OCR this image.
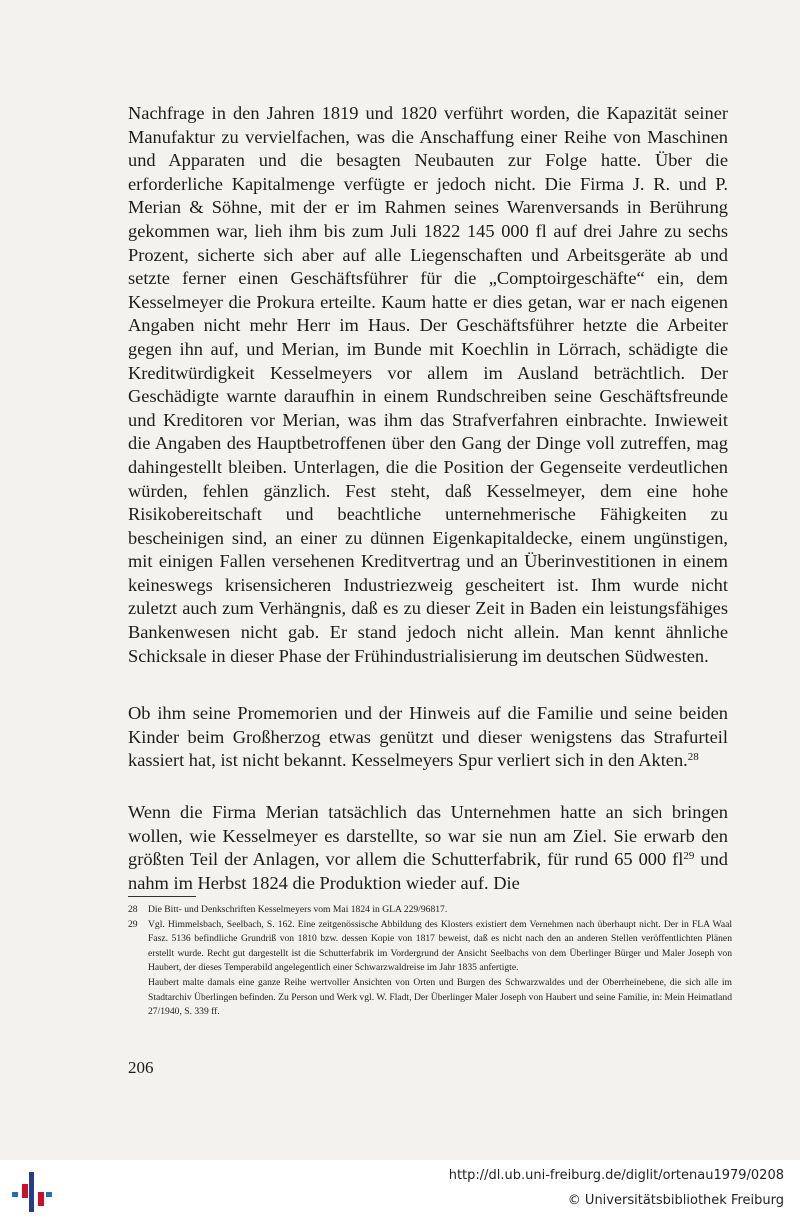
Nachfrage in den Jahren 1819 und 1820 verführt worden, die Kapazität seiner Manufaktur zu vervielfachen, was die Anschaffung einer Reihe von Maschinen und Apparaten und die besagten Neubauten zur Folge hatte. Über die erforderliche Kapitalmenge verfügte er jedoch nicht. Die Firma J. R. und P. Merian & Söhne, mit der er im Rahmen seines Warenversands in Berührung gekommen war, lieh ihm bis zum Juli 1822 145 000 fl auf drei Jahre zu sechs Prozent, sicherte sich aber auf alle Liegenschaften und Arbeitsgeräte ab und setzte ferner einen Geschäftsführer für die „Comptoirgeschäfte“ ein, dem Kesselmeyer die Prokura erteilte. Kaum hatte er dies getan, war er nach eigenen Angaben nicht mehr Herr im Haus. Der Geschäftsführer hetzte die Arbeiter gegen ihn auf, und Merian, im Bunde mit Koechlin in Lörrach, schädigte die Kreditwürdigkeit Kesselmeyers vor allem im Ausland beträchtlich. Der Geschädigte warnte daraufhin in einem Rundschreiben seine Geschäftsfreunde und Kreditoren vor Merian, was ihm das Strafverfahren einbrachte. Inwieweit die Angaben des Hauptbetroffenen über den Gang der Dinge voll zutreffen, mag dahingestellt bleiben. Unterlagen, die die Position der Gegenseite verdeutlichen würden, fehlen gänzlich. Fest steht, daß Kesselmeyer, dem eine hohe Risikobereitschaft und beachtliche unternehmerische Fähigkeiten zu bescheinigen sind, an einer zu dünnen Eigenkapitaldecke, einem ungünstigen, mit einigen Fallen versehenen Kreditvertrag und an Überinvestitionen in einem keineswegs krisensicheren Industriezweig gescheitert ist. Ihm wurde nicht zuletzt auch zum Verhängnis, daß es zu dieser Zeit in Baden ein leistungsfähiges Bankenwesen nicht gab. Er stand jedoch nicht allein. Man kennt ähnliche Schicksale in dieser Phase der Frühindustrialisierung im deutschen Südwesten.

Ob ihm seine Promemorien und der Hinweis auf die Familie und seine beiden Kinder beim Großherzog etwas genützt und dieser wenigstens das Strafurteil kassiert hat, ist nicht bekannt. Kesselmeyers Spur verliert sich in den Akten.$^{28}$

Wenn die Firma Merian tatsächlich das Unternehmen hatte an sich bringen wollen, wie Kesselmeyer es darstellte, so war sie nun am Ziel. Sie erwarb den größten Teil der Anlagen, vor allem die Schutterfabrik, für rund 65 000 $fl^{29}$ und nahm im Herbst 1824 die Produktion wieder auf. Die

28 Die Bitt- und Denkschriften Kesselmeyers vom Mai 1824 in GLA 229/96817.

29 Vgl. Himmelsbach, Seelbach, S. 162. Eine zeitgenössische Abbildung des Klosters existiert dem Vernehmen nach überhaupt nicht. Der in FLA Waal Fasz. 5136 befindliche Grundriß von 1810 bzw. dessen Kopie von 1817 beweist, daß es nicht nach den an anderen Stellen veröffentlichten Plänen erstellt wurde. Recht gut dargestellt ist die Schutterfabrik im Vordergrund der Ansicht Seelbachs von dem Überlinger Bürger und Maler Joseph von Haubert, der dieses Temperabild angelegentlich einer Schwarzwaldreise im Jahr 1835 anfertigte.

Haubert malte damals eine ganze Reihe wertvoller Ansichten von Orten und Burgen des Schwarzwaldes und der Oberrheinebene, die sich alle im Stadtarchiv Überlingen befinden. Zu Person und Werk vgl. W. Fladt, Der Überlinger Maler Joseph von Haubert und seine Familie, in: Mein Heimatland 27/1940, S. 339 ff.

206
http://dl.ub.uni-freiburg.de/diglit/ortenau1979/0208
© Universitätsbibliothek Freiburg
